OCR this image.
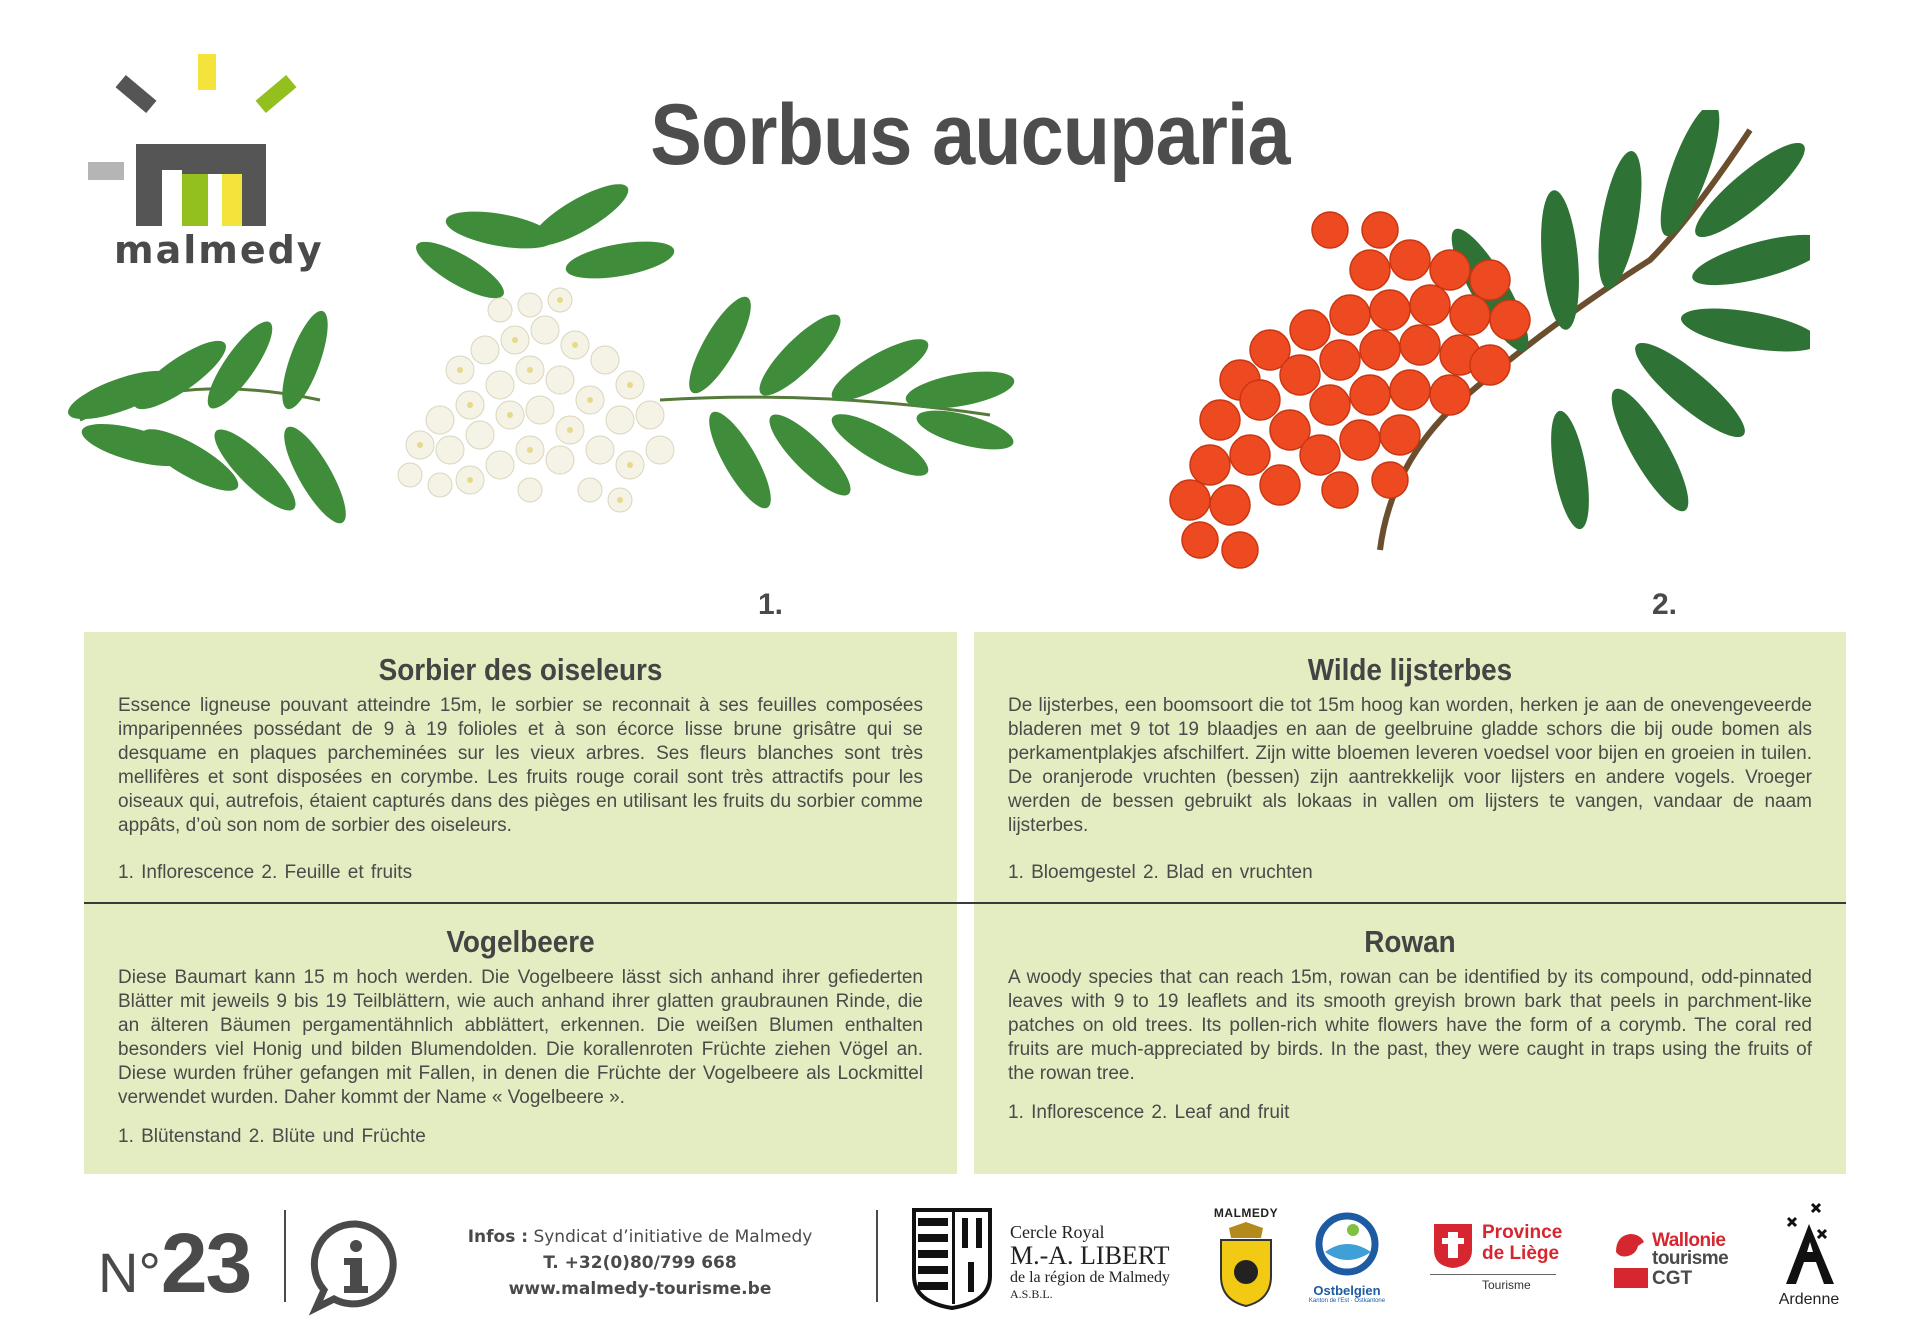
malmedy
Sorbus aucuparia
1.	2.
Sorbier des oiseleurs

Essence ligneuse pouvant atteindre 15m, le sorbier se reconnait à ses feuilles composées imparipennées possédant de 9 à 19 folioles et à son écorce lisse brune grisâtre qui se desquame en plaques parcheminées sur les vieux arbres. Ses fleurs blanches sont très mellifères et sont disposées en corymbe. Les fruits rouge corail sont très attractifs pour les oiseaux qui, autrefois, étaient capturés dans des pièges en utilisant les fruits du sorbier comme appâts, d’où son nom de sorbier des oiseleurs.

1. Inflorescence 2. Feuille et fruits

Wilde lijsterbes

De lijsterbes, een boomsoort die tot 15m hoog kan worden, herken je aan de onevengeveerde bladeren met 9 tot 19 blaadjes en aan de geelbruine gladde schors die bij oude bomen als perkamentplakjes afschilfert. Zijn witte bloemen leveren voedsel voor bijen en groeien in tuilen. De oranjerode vruchten (bessen) zijn aantrekkelijk voor lijsters en andere vogels. Vroeger werden de bessen gebruikt als lokaas in vallen om lijsters te vangen, vandaar de naam lijsterbes.

1. Bloemgestel 2. Blad en vruchten

Vogelbeere

Diese Baumart kann 15 m hoch werden. Die Vogelbeere lässt sich anhand ihrer gefiederten Blätter mit jeweils 9 bis 19 Teilblättern, wie auch anhand ihrer glatten graubraunen Rinde, die an älteren Bäumen pergamentähnlich abblättert, erkennen. Die weißen Blumen enthalten besonders viel Honig und bilden Blumendolden. Die korallenroten Früchte ziehen Vögel an. Diese wurden früher gefangen mit Fallen, in denen die Früchte der Vogelbeere als Lockmittel verwendet wurden. Daher kommt der Name « Vogelbeere ».

1. Blütenstand 2. Blüte und Früchte

Rowan

A woody species that can reach 15m, rowan can be identified by its compound, odd-pinnated leaves with 9 to 19 leaflets and its smooth greyish brown bark that peels in parchment-like patches on old trees. Its pollen-rich white flowers have the form of a corymb. The coral red fruits are much-appreciated by birds. In the past, they were caught in traps using the fruits of the rowan tree.

1. Inflorescence 2. Leaf and fruit

N° 23	Infos : Syndicat d’initiative de Malmedy
T. +32(0)80/799 668
www.malmedy-tourisme.be
Cercle Royal
M.-A. LIBERT
de la région de Malmedy
A.S.B.L.
MALMEDY
Ostbelgien
Kanton de l'Est · Ostkantone
Province
de Liège
Tourisme
Wallonie
tourisme
CGT
Ardenne
